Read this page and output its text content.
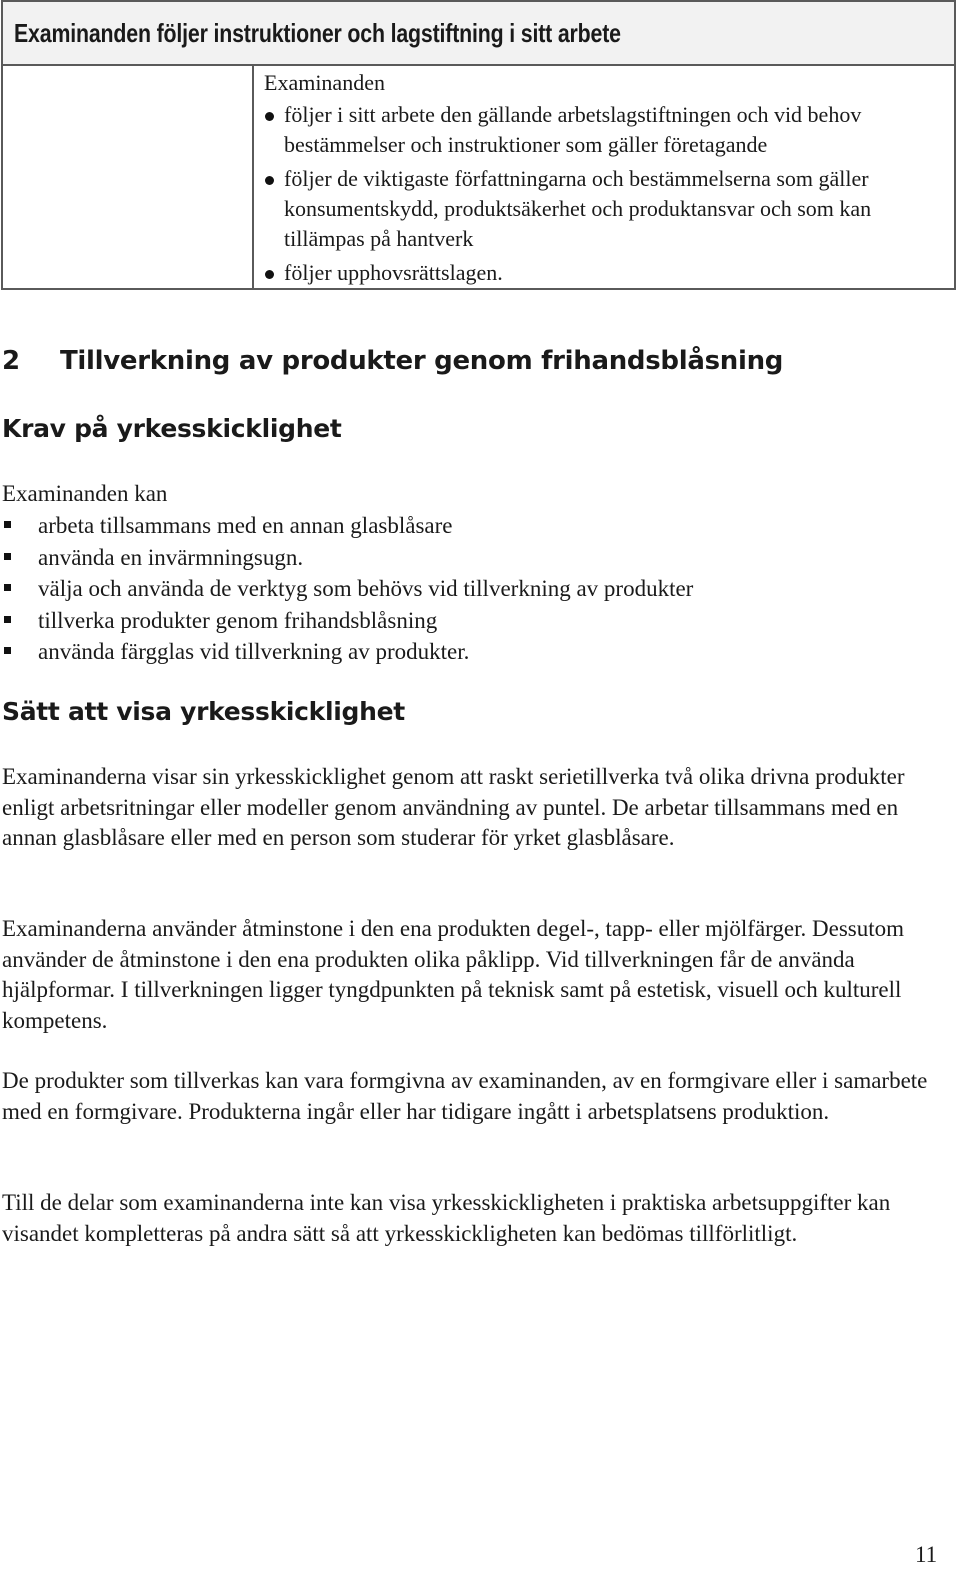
Examinanden följer instruktioner och lagstiftning i sitt arbete
Examinanden
följer i sitt arbete den gällande arbetslagstiftningen och vid behov bestämmelser och instruktioner som gäller företagande
följer de viktigaste författningarna och bestämmelserna som gäller konsumentskydd, produktsäkerhet och produktansvar och som kan tillämpas på hantverk
följer upphovsrättslagen.
2 Tillverkning av produkter genom frihandsblåsning
Krav på yrkesskicklighet
Examinanden kan
arbeta tillsammans med en annan glasblåsare
använda en invärmningsugn.
välja och använda de verktyg som behövs vid tillverkning av produkter
tillverka produkter genom frihandsblåsning
använda färgglas vid tillverkning av produkter.
Sätt att visa yrkesskicklighet

Examinanderna visar sin yrkesskicklighet genom att raskt serietillverka två olika drivna produkter enligt arbetsritningar eller modeller genom användning av puntel. De arbetar tillsammans med en annan glasblåsare eller med en person som studerar för yrket glasblåsare.

Examinanderna använder åtminstone i den ena produkten degel-, tapp- eller mjölfärger. Dessutom använder de åtminstone i den ena produkten olika påklipp. Vid tillverkningen får de använda hjälpformar. I tillverkningen ligger tyngdpunkten på teknisk samt på estetisk, visuell och kulturell kompetens.

De produkter som tillverkas kan vara formgivna av examinanden, av en formgivare eller i samarbete med en formgivare. Produkterna ingår eller har tidigare ingått i arbetsplatsens produktion.

Till de delar som examinanderna inte kan visa yrkesskickligheten i praktiska arbetsuppgifter kan visandet kompletteras på andra sätt så att yrkesskickligheten kan bedömas tillförlitligt.

11
